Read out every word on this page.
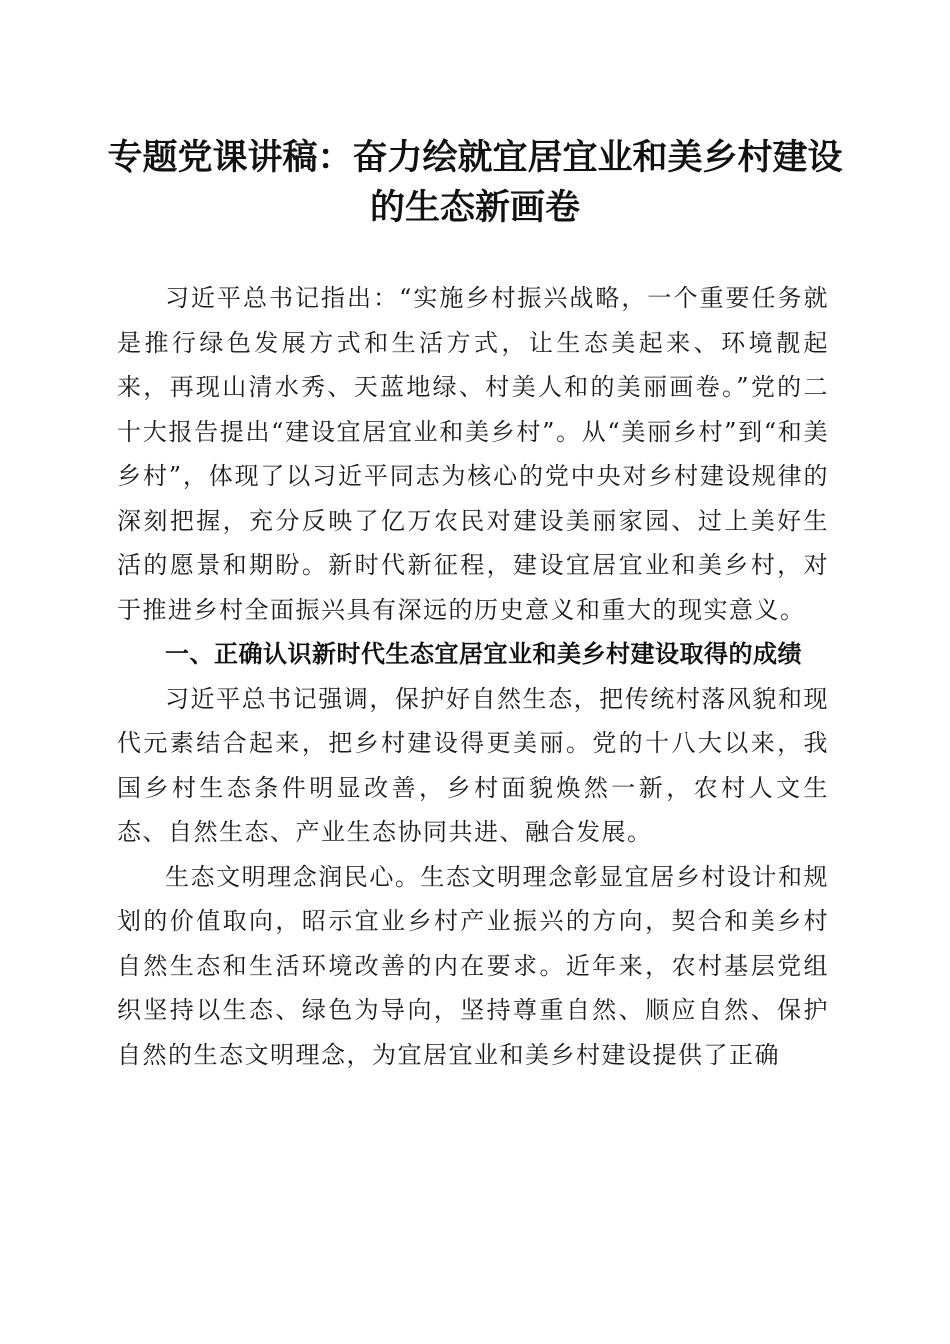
专题党课讲稿：奋力绘就宜居宜业和美乡村建设的生态新画卷

习近平总书记指出：“实施乡村振兴战略，一个重要任务就是推行绿色发展方式和生活方式，让生态美起来、环境靓起来，再现山清水秀、天蓝地绿、村美人和的美丽画卷。”党的二十大报告提出“建设宜居宜业和美乡村”。从“美丽乡村”到“和美乡村”，体现了以习近平同志为核心的党中央对乡村建设规律的深刻把握，充分反映了亿万农民对建设美丽家园、过上美好生活的愿景和期盼。新时代新征程，建设宜居宜业和美乡村，对于推进乡村全面振兴具有深远的历史意义和重大的现实意义。

一、正确认识新时代生态宜居宜业和美乡村建设取得的成绩

习近平总书记强调，保护好自然生态，把传统村落风貌和现代元素结合起来，把乡村建设得更美丽。党的十八大以来，我国乡村生态条件明显改善，乡村面貌焕然一新，农村人文生态、自然生态、产业生态协同共进、融合发展。

生态文明理念润民心。生态文明理念彰显宜居乡村设计和规划的价值取向，昭示宜业乡村产业振兴的方向，契合和美乡村自然生态和生活环境改善的内在要求。近年来，农村基层党组织坚持以生态、绿色为导向，坚持尊重自然、顺应自然、保护自然的生态文明理念，为宜居宜业和美乡村建设提供了正确
